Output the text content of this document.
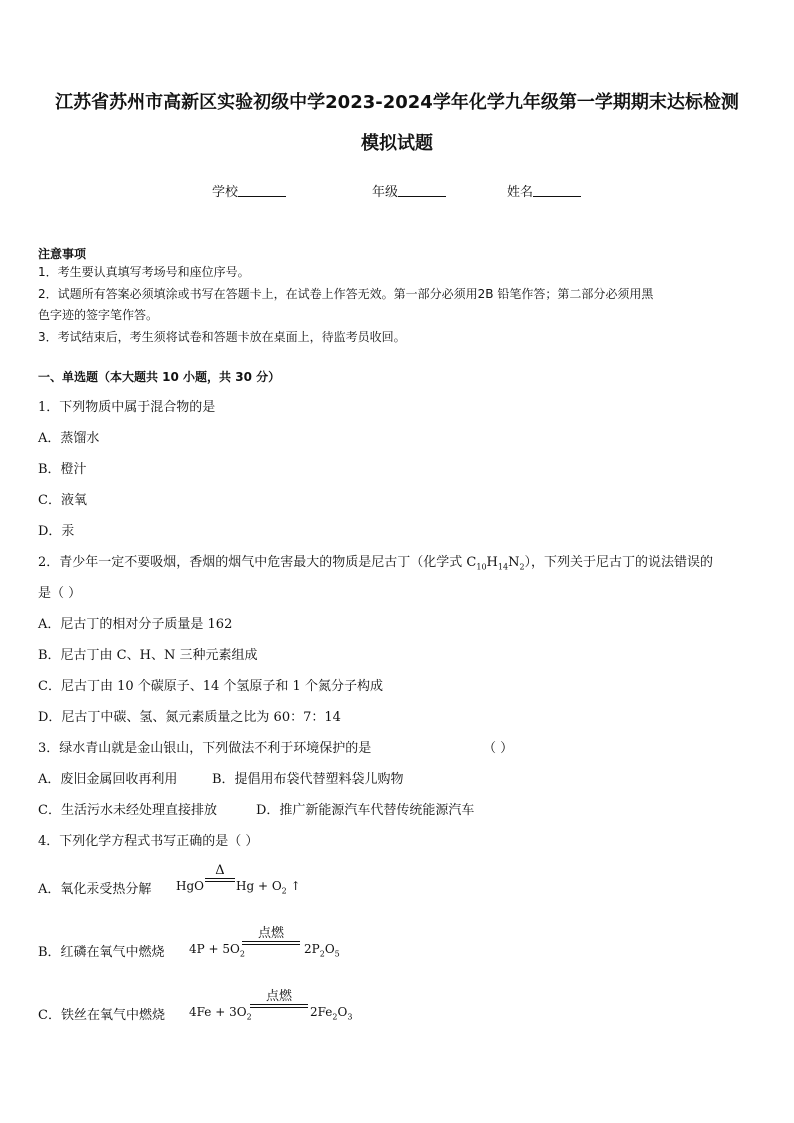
江苏省苏州市高新区实验初级中学2023-2024学年化学九年级第一学期期末达标检测
模拟试题
学校	年级	姓名
注意事项
1．考生要认真填写考场号和座位序号。
2．试题所有答案必须填涂或书写在答题卡上，在试卷上作答无效。第一部分必须用2B 铅笔作答；第二部分必须用黑
色字迹的签字笔作答。
3．考试结束后，考生须将试卷和答题卡放在桌面上，待监考员收回。
一、单选题（本大题共 10 小题，共 30 分）
1．下列物质中属于混合物的是
A．蒸馏水
B．橙汁
C．液氧
D．汞
2．青少年一定不要吸烟，香烟的烟气中危害最大的物质是尼古丁（化学式 $C_{10}H_{14}N_2$），下列关于尼古丁的说法错误的
是（ ）
A．尼古丁的相对分子质量是 162
B．尼古丁由 C、H、N 三种元素组成
C．尼古丁由 10 个碳原子、14 个氢原子和 1 个氮分子构成
D．尼古丁中碳、氢、氮元素质量之比为 60：7：14
3．绿水青山就是金山银山，下列做法不利于环境保护的是	（ ）
A．废旧金属回收再利用	B．提倡用布袋代替塑料袋儿购物
C．生活污水未经处理直接排放	D．推广新能源汽车代替传统能源汽车
4．下列化学方程式书写正确的是（ ）
A．氧化汞受热分解 HgO
Δ
$Hg + O_2$ ↑
B．红磷在氧气中燃烧 $4P + 5O_2$
点燃
$2P_2O_5$
C．铁丝在氧气中燃烧 $4Fe + 3O_2$
点燃
$2Fe_2O_3$
